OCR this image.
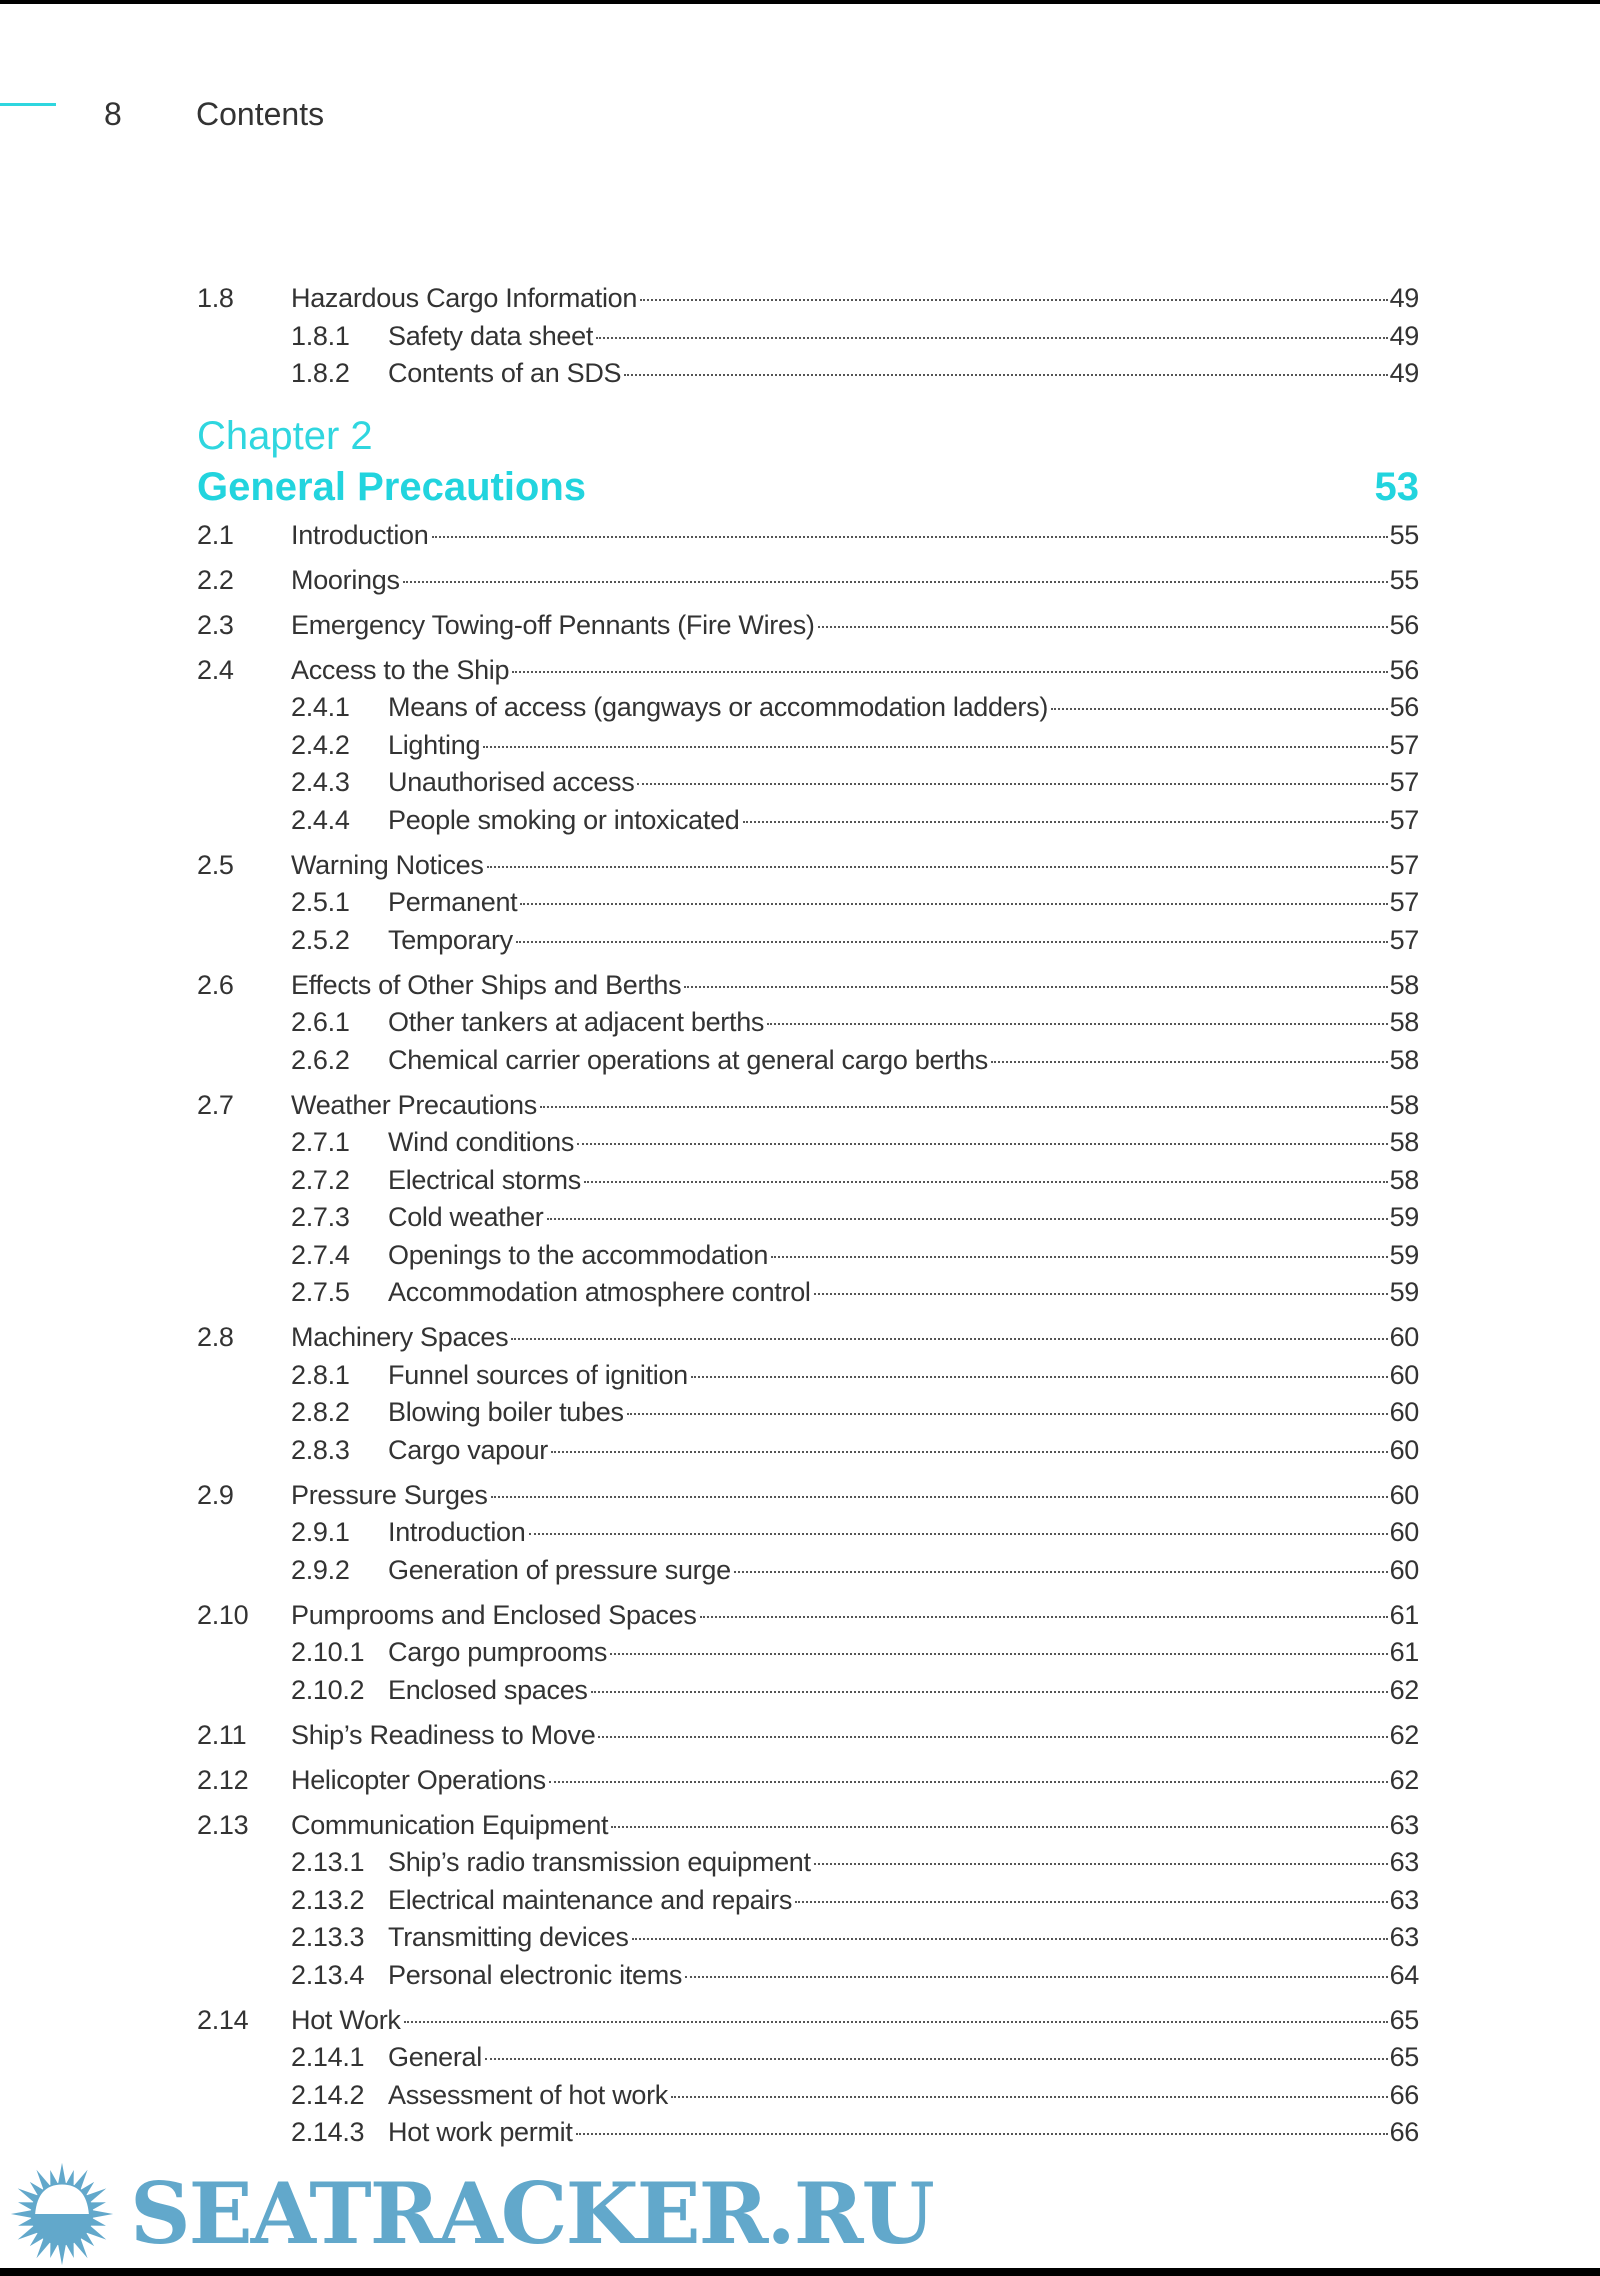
8 Contents
1.8	Hazardous Cargo Information	49
1.8.1	Safety data sheet	49
1.8.2	Contents of an SDS	49
Chapter 2
General Precautions	53
2.1	Introduction	55
2.2	Moorings	55
2.3	Emergency Towing-off Pennants (Fire Wires)	56
2.4	Access to the Ship	56
2.4.1	Means of access (gangways or accommodation ladders)	56
2.4.2	Lighting	57
2.4.3	Unauthorised access	57
2.4.4	People smoking or intoxicated	57
2.5	Warning Notices	57
2.5.1	Permanent	57
2.5.2	Temporary	57
2.6	Effects of Other Ships and Berths	58
2.6.1	Other tankers at adjacent berths	58
2.6.2	Chemical carrier operations at general cargo berths	58
2.7	Weather Precautions	58
2.7.1	Wind conditions	58
2.7.2	Electrical storms	58
2.7.3	Cold weather	59
2.7.4	Openings to the accommodation	59
2.7.5	Accommodation atmosphere control	59
2.8	Machinery Spaces	60
2.8.1	Funnel sources of ignition	60
2.8.2	Blowing boiler tubes	60
2.8.3	Cargo vapour	60
2.9	Pressure Surges	60
2.9.1	Introduction	60
2.9.2	Generation of pressure surge	60
2.10	Pumprooms and Enclosed Spaces	61
2.10.1 Cargo pumprooms	61
2.10.2 Enclosed spaces	62
2.11	Ship’s Readiness to Move	62
2.12	Helicopter Operations	62
2.13	Communication Equipment	63
2.13.1 Ship’s radio transmission equipment	63
2.13.2 Electrical maintenance and repairs	63
2.13.3 Transmitting devices	63
2.13.4 Personal electronic items	64
2.14	Hot Work	65
2.14.1 General	65
2.14.2 Assessment of hot work	66
2.14.3 Hot work permit	66
SEATRACKER.RU
